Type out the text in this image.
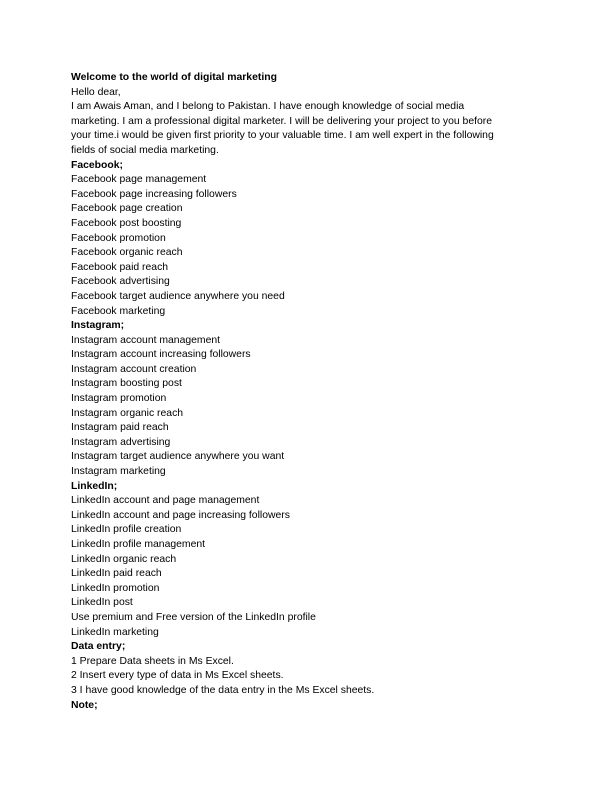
Welcome to the world of digital marketing
Hello dear,
I am Awais Aman, and I belong to Pakistan. I have enough knowledge of social media
marketing. I am a professional digital marketer. I will be delivering your project to you before
your time.i would be given first priority to your valuable time. I am well expert in the following
fields of social media marketing.
Facebook;
Facebook page management
Facebook page increasing followers
Facebook page creation
Facebook post boosting
Facebook promotion
Facebook organic reach
Facebook paid reach
Facebook advertising
Facebook target audience anywhere you need
Facebook marketing
Instagram;
Instagram account management
Instagram account increasing followers
Instagram account creation
Instagram boosting post
Instagram promotion
Instagram organic reach
Instagram paid reach
Instagram advertising
Instagram target audience anywhere you want
Instagram marketing
LinkedIn;
LinkedIn account and page management
LinkedIn account and page increasing followers
LinkedIn profile creation
LinkedIn profile management
LinkedIn organic reach
LinkedIn paid reach
LinkedIn promotion
LinkedIn post
Use premium and Free version of the LinkedIn profile
LinkedIn marketing
Data entry;
1 Prepare Data sheets in Ms Excel.
2 Insert every type of data in Ms Excel sheets.
3 I have good knowledge of the data entry in the Ms Excel sheets.
Note;
